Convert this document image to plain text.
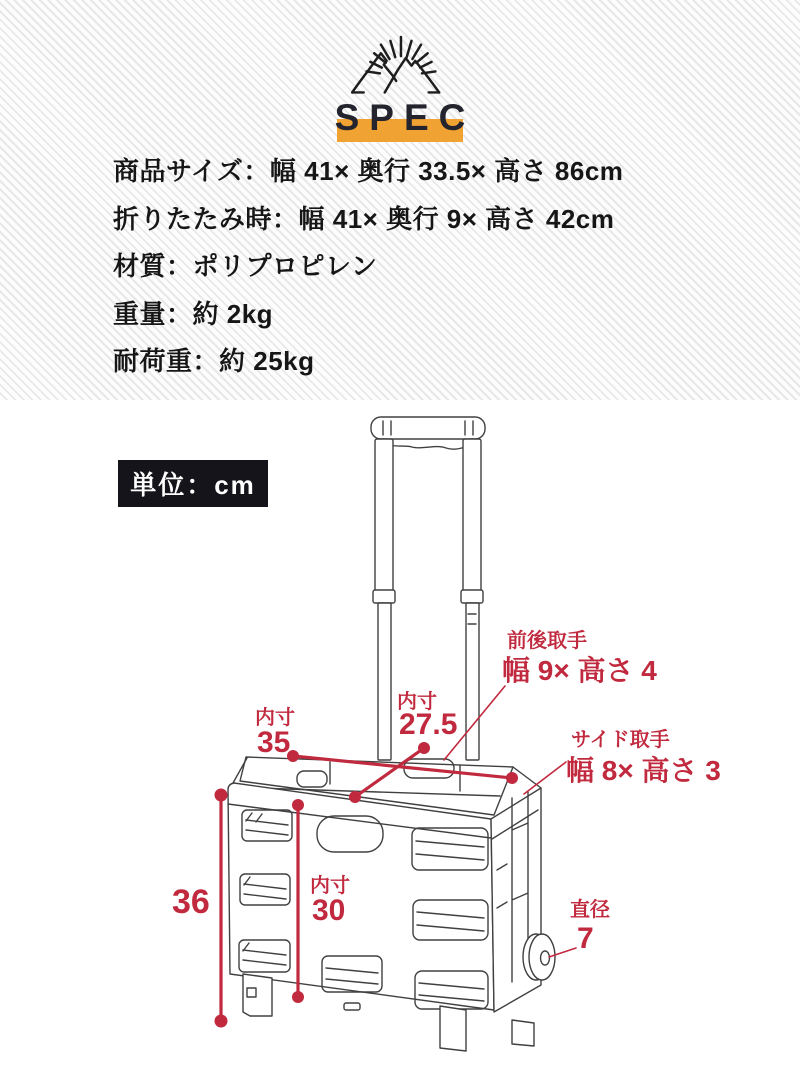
SPEC
商品サイズ：幅 41× 奥行 33.5× 高さ 86cm
折りたたみ時：幅 41× 奥行 9× 高さ 42cm
材質：ポリプロピレン
重量：約 2kg
耐荷重：約 25kg
単位：cm
内寸
35
内寸
27.5
前後取手
幅 9× 高さ 4
サイド取手
幅 8× 高さ 3
36	内寸
30	直径
7
